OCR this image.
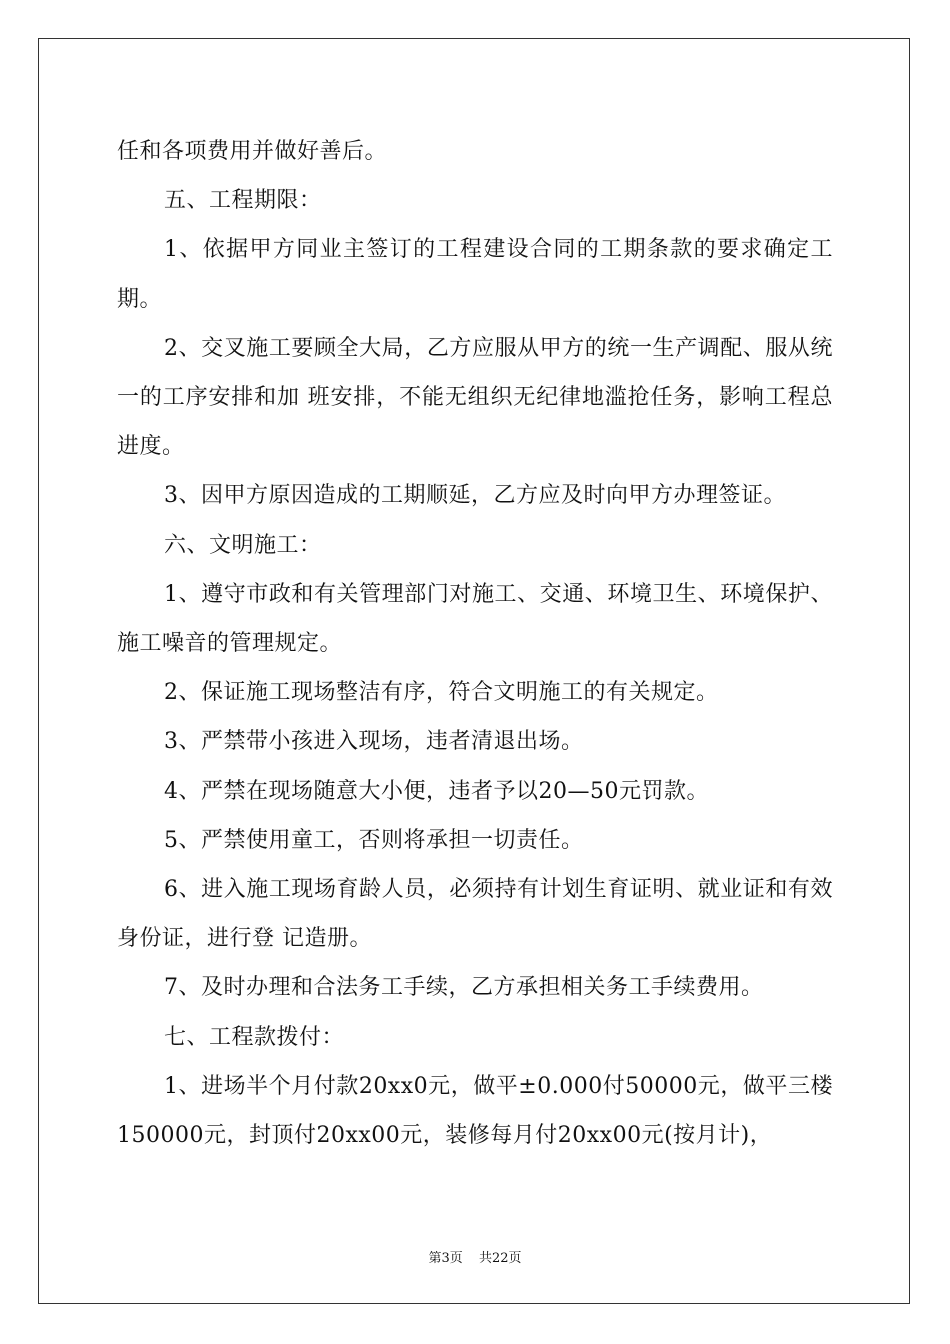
任和各项费用并做好善后。

五、工程期限：

1、依据甲方同业主签订的工程建设合同的工期条款的要求确定工期。

2、交叉施工要顾全大局，乙方应服从甲方的统一生产调配、服从统一的工序安排和加 班安排，不能无组织无纪律地滥抢任务，影响工程总进度。

3、因甲方原因造成的工期顺延，乙方应及时向甲方办理签证。

六、文明施工：

1、遵守市政和有关管理部门对施工、交通、环境卫生、环境保护、施工噪音的管理规定。

2、保证施工现场整洁有序，符合文明施工的有关规定。

3、严禁带小孩进入现场，违者清退出场。

4、严禁在现场随意大小便，违者予以20—50元罚款。

5、严禁使用童工，否则将承担一切责任。

6、进入施工现场育龄人员，必须持有计划生育证明、就业证和有效身份证，进行登 记造册。

7、及时办理和合法务工手续，乙方承担相关务工手续费用。

七、工程款拨付：

1、进场半个月付款20xx0元，做平±0.000付50000元，做平三楼150000元，封顶付20xx00元，装修每月付20xx00元(按月计)，

第3页 共22页
